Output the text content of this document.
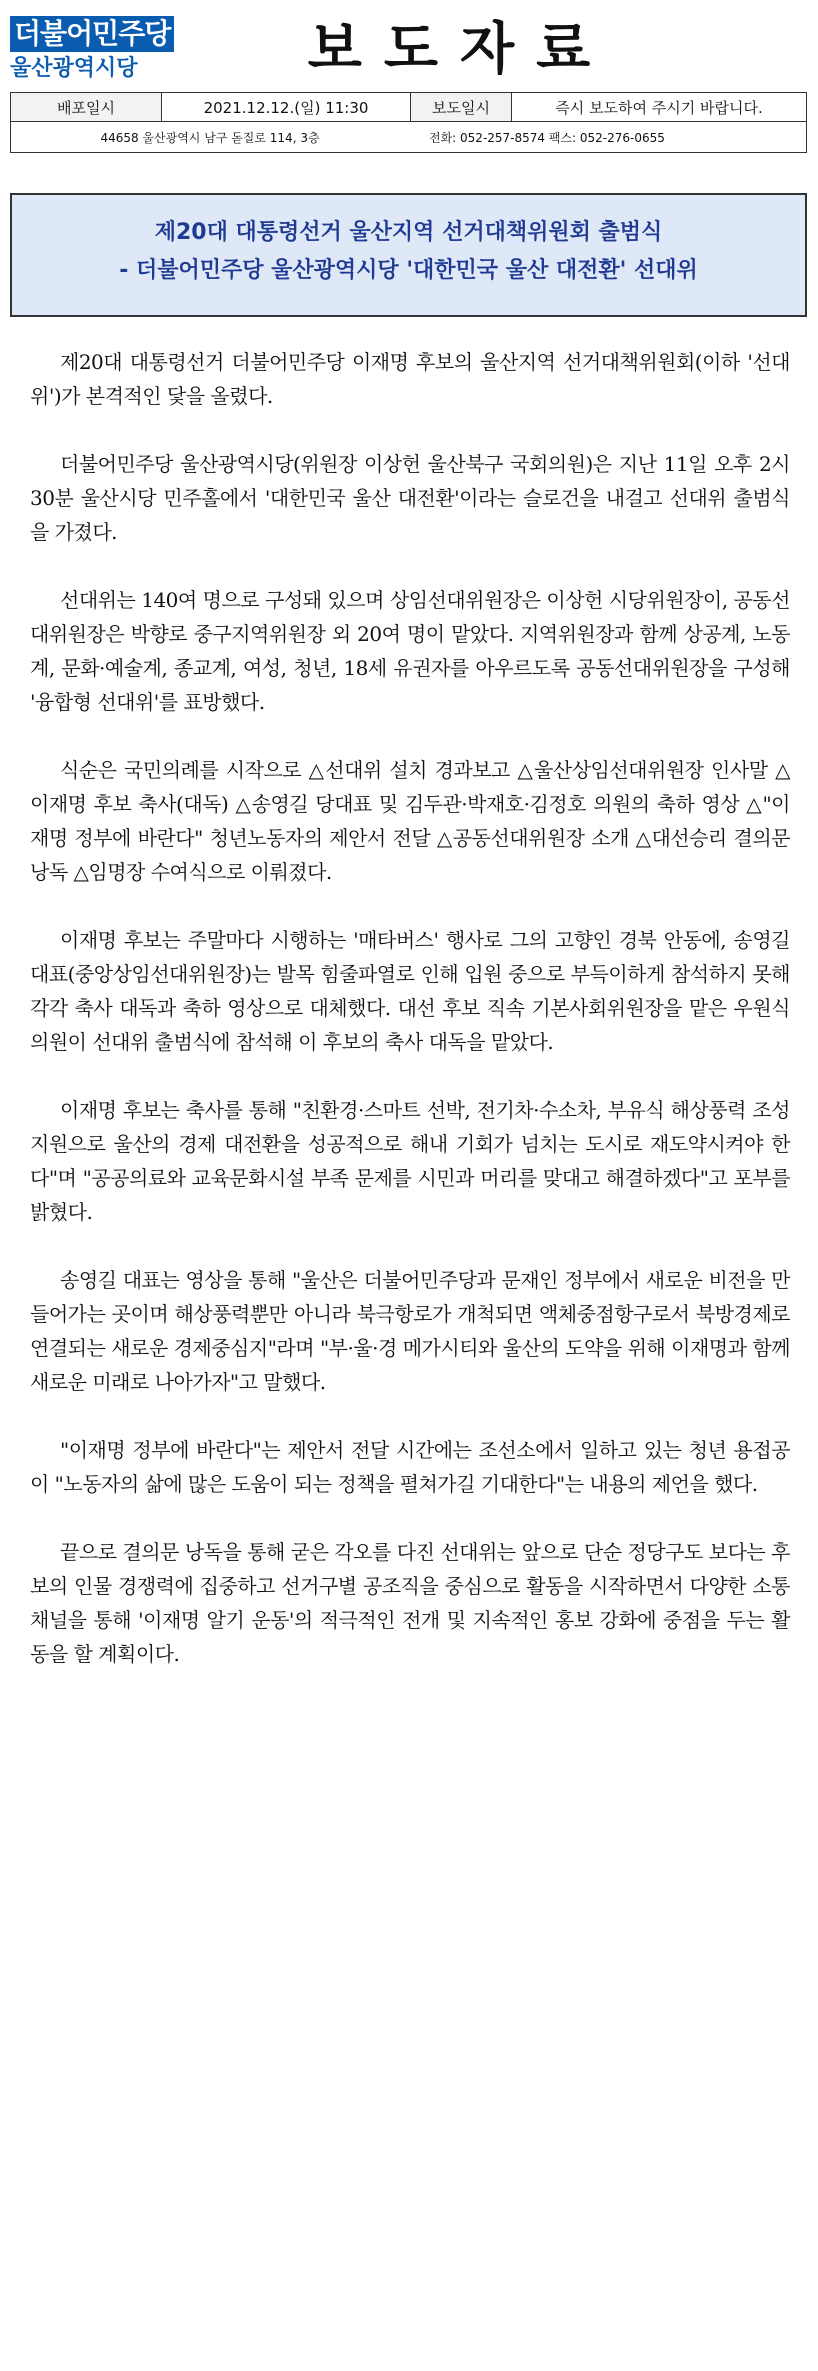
더불어민주당
울산광역시당	보도자료
배포일시	2021.12.12.(일) 11:30	보도일시	즉시 보도하여 주시기 바랍니다.
44658 울산광역시 남구 돋질로 114, 3층	전화: 052-257-8574 팩스: 052-276-0655
제20대 대통령선거 울산지역 선거대책위원회 출범식
- 더불어민주당 울산광역시당 '대한민국 울산 대전환' 선대위

제20대 대통령선거 더불어민주당 이재명 후보의 울산지역 선거대책위원회(이하 '선대위')가 본격적인 닻을 올렸다.

더불어민주당 울산광역시당(위원장 이상헌 울산북구 국회의원)은 지난 11일 오후 2시 30분 울산시당 민주홀에서 '대한민국 울산 대전환'이라는 슬로건을 내걸고 선대위 출범식을 가졌다.

선대위는 140여 명으로 구성돼 있으며 상임선대위원장은 이상헌 시당위원장이, 공동선대위원장은 박향로 중구지역위원장 외 20여 명이 맡았다. 지역위원장과 함께 상공계, 노동계, 문화·예술계, 종교계, 여성, 청년, 18세 유권자를 아우르도록 공동선대위원장을 구성해 '융합형 선대위'를 표방했다.

식순은 국민의례를 시작으로 △선대위 설치 경과보고 △울산상임선대위원장 인사말 △이재명 후보 축사(대독) △송영길 당대표 및 김두관·박재호·김정호 의원의 축하 영상 △"이재명 정부에 바란다" 청년노동자의 제안서 전달 △공동선대위원장 소개 △대선승리 결의문 낭독 △임명장 수여식으로 이뤄졌다.

이재명 후보는 주말마다 시행하는 '매타버스' 행사로 그의 고향인 경북 안동에, 송영길 대표(중앙상임선대위원장)는 발목 힘줄파열로 인해 입원 중으로 부득이하게 참석하지 못해 각각 축사 대독과 축하 영상으로 대체했다. 대선 후보 직속 기본사회위원장을 맡은 우원식 의원이 선대위 출범식에 참석해 이 후보의 축사 대독을 맡았다.

이재명 후보는 축사를 통해 "친환경·스마트 선박, 전기차·수소차, 부유식 해상풍력 조성 지원으로 울산의 경제 대전환을 성공적으로 해내 기회가 넘치는 도시로 재도약시켜야 한다"며 "공공의료와 교육문화시설 부족 문제를 시민과 머리를 맞대고 해결하겠다"고 포부를 밝혔다.

송영길 대표는 영상을 통해 "울산은 더불어민주당과 문재인 정부에서 새로운 비전을 만들어가는 곳이며 해상풍력뿐만 아니라 북극항로가 개척되면 액체중점항구로서 북방경제로 연결되는 새로운 경제중심지"라며 "부·울·경 메가시티와 울산의 도약을 위해 이재명과 함께 새로운 미래로 나아가자"고 말했다.

"이재명 정부에 바란다"는 제안서 전달 시간에는 조선소에서 일하고 있는 청년 용접공이 "노동자의 삶에 많은 도움이 되는 정책을 펼쳐가길 기대한다"는 내용의 제언을 했다.

끝으로 결의문 낭독을 통해 굳은 각오를 다진 선대위는 앞으로 단순 정당구도 보다는 후보의 인물 경쟁력에 집중하고 선거구별 공조직을 중심으로 활동을 시작하면서 다양한 소통채널을 통해 '이재명 알기 운동'의 적극적인 전개 및 지속적인 홍보 강화에 중점을 두는 활동을 할 계획이다.
